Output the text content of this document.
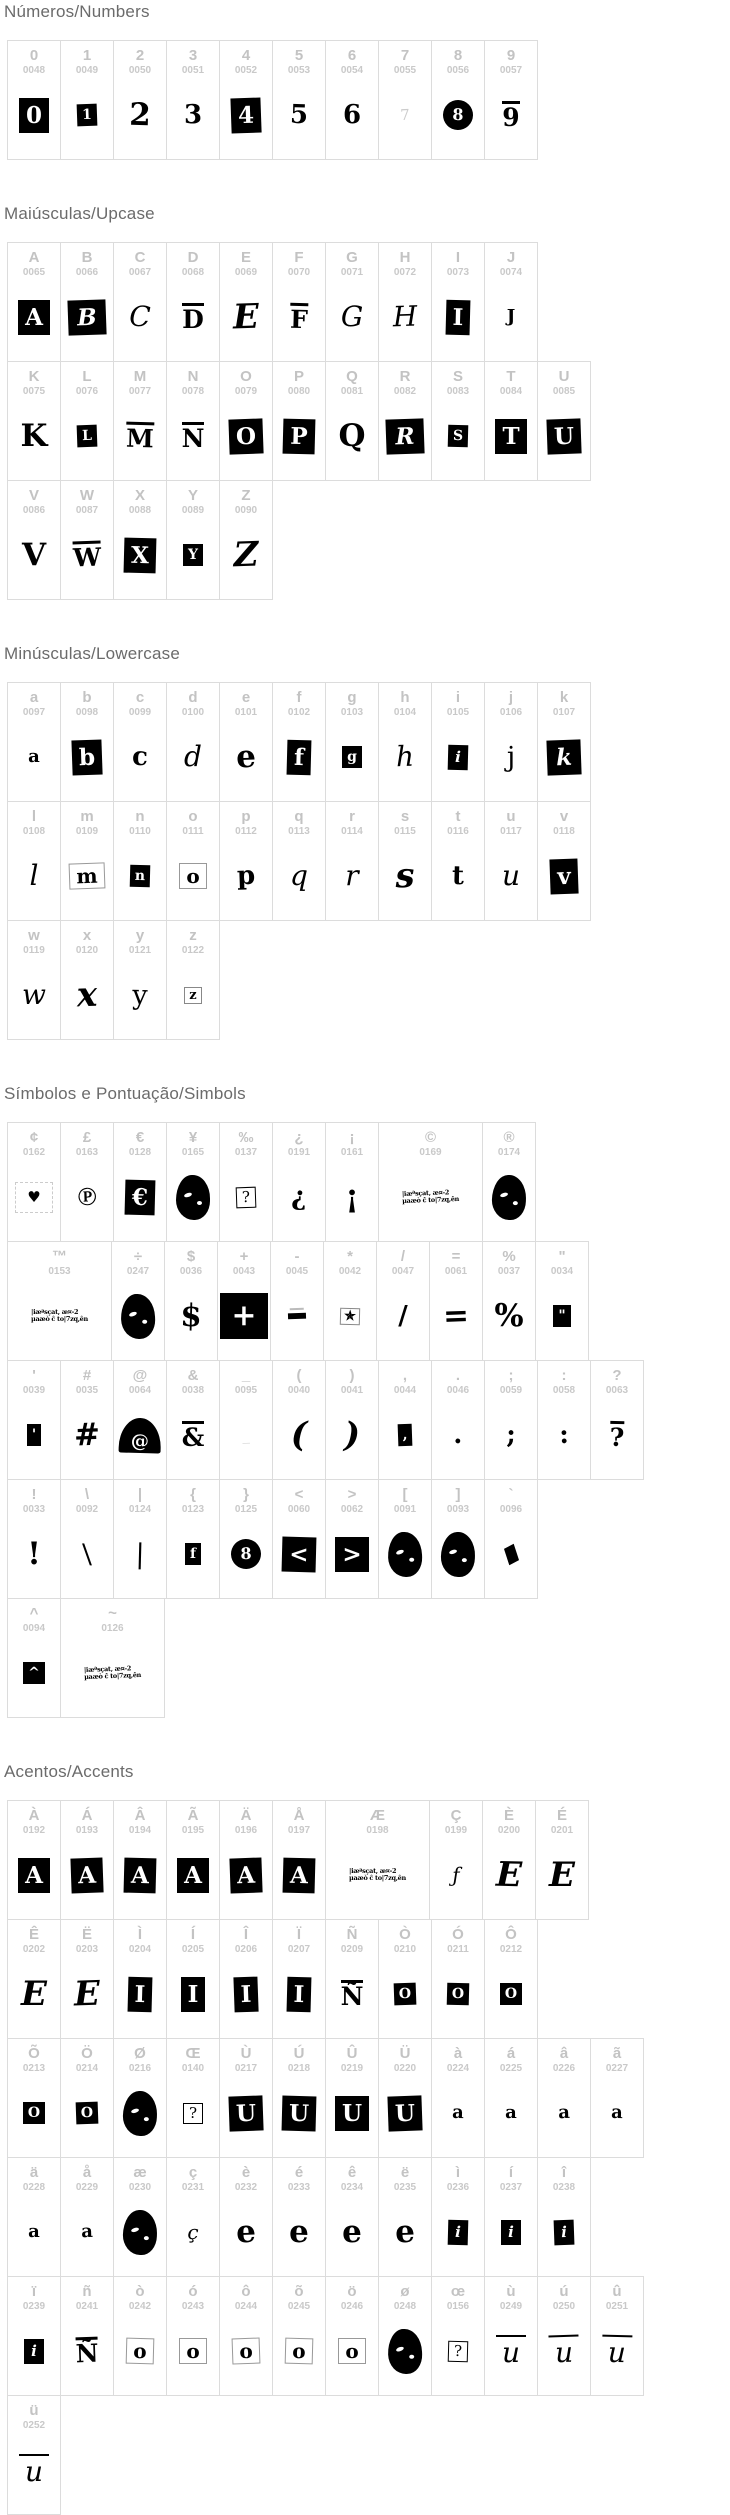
Números/Numbers
0
0048
0
1
0049
1
2
0050
2
3
0051
3
4
0052
4
5
0053
5
6
0054
6
7
0055
7
8
0056
8
9
0057
9
Maiúsculas/Upcase
A
0065
A
B
0066
B
C
0067
C
D
0068
D
E
0069
E
F
0070
F
G
0071
G
H
0072
H
I
0073
I
J
0074
J
K
0075
K
L
0076
L
M
0077
M
N
0078
N
O
0079
O
P
0080
P
Q
0081
Q
R
0082
R
S
0083
S
T
0084
T
U
0085
U
V
0086
V
W
0087
W
X
0088
X
Y
0089
Y
Z
0090
Z
Minúsculas/Lowercase
a
0097
a
b
0098
b
c
0099
c
d
0100
d
e
0101
e
f
0102
f
g
0103
g
h
0104
h
i
0105
i
j
0106
j
k
0107
k
l
0108
l
m
0109
m
n
0110
n
o
0111
o
p
0112
p
q
0113
q
r
0114
r
s
0115
s
t
0116
t
u
0117
u
v
0118
v
w
0119
w
x
0120
x
y
0121
y
z
0122
z
Símbolos e Pontuação/Simbols
¢
0162
♥
£
0163
℗
€
0128
€
¥
0165
‰
0137
?
¿
0191
¿
¡
0161
¡
©
0169
|iæªsçat, æ¤-2
µaæò ĉ to|7zq,ên
®
0174
™
0153
|iæªsçat, æ¤-2
µaæò ĉ to|7zq,ên
÷
0247
$
0036
$
+
0043
+
-
0045
*
0042
✯
/
0047
/
=
0061
=
%
0037
%
"
0034
"
'
0039
'
#
0035
#
@
0064
@
&
0038
&
_
0095
_
(
0040
(
)
0041
)
,
0044
,
.
0046
.
;
0059
;
:
0058
:
?
0063
?
!
0033
!
\
0092
\
|
0124
|
{
0123
f
}
0125
8
<
0060
<
>
0062
>
[
0091
]
0093
`
0096
^
0094
^
~
0126
|iæªsçat, æ¤-2
µaæò ĉ to|7zq,ên
Acentos/Accents
À
0192
A
Á
0193
A
Â
0194
A
Ã
0195
A
Ä
0196
A
Å
0197
A
Æ
0198
|iæªsçat, æ¤-2
µaæò ĉ to|7zq,ên
Ç
0199
ƒ
È
0200
E
É
0201
E
Ê
0202
E
Ë
0203
E
Ì
0204
I
Í
0205
I
Î
0206
I
Ï
0207
I
Ñ
0209
Ñ
Ò
0210
O
Ó
0211
O
Ô
0212
O
Õ
0213
O
Ö
0214
O
Ø
0216
Œ
0140
?
Ù
0217
U
Ú
0218
U
Û
0219
U
Ü
0220
U
à
0224
a
á
0225
a
â
0226
a
ã
0227
a
ä
0228
a
å
0229
a
æ
0230
ç
0231
ç
è
0232
e
é
0233
e
ê
0234
e
ë
0235
e
ì
0236
i
í
0237
i
î
0238
i
ï
0239
i
ñ
0241
Ñ
ò
0242
o
ó
0243
o
ô
0244
o
õ
0245
o
ö
0246
o
ø
0248
œ
0156
?
ù
0249
u
ú
0250
u
û
0251
u
ü
0252
u
